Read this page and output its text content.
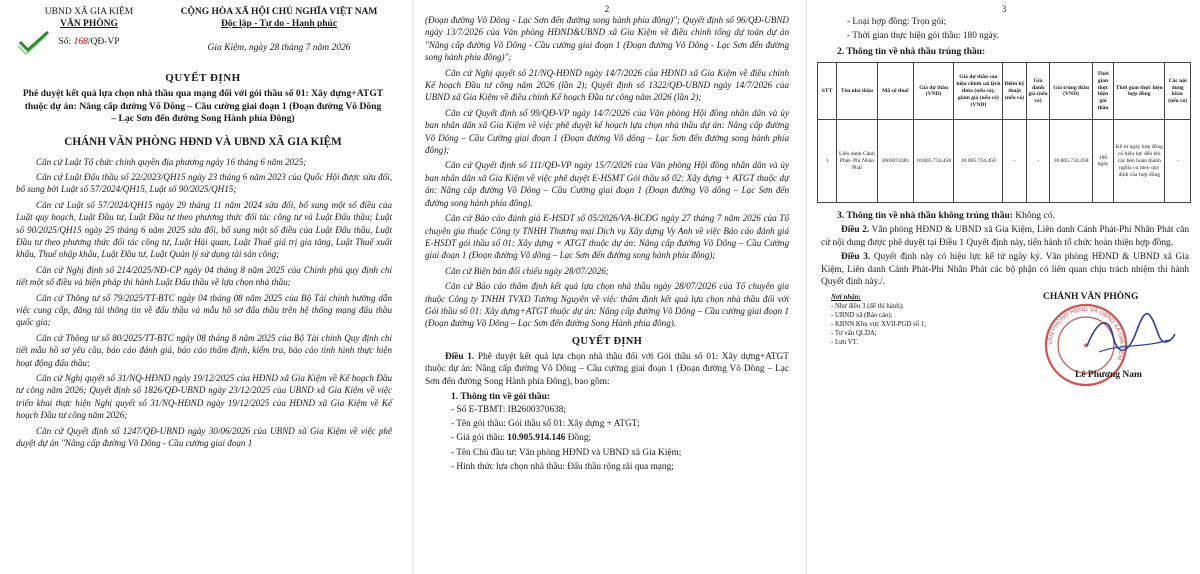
UBND XÃ GIA KIỆM
VĂN PHÒNG
Số: 168/QĐ-VP
CỘNG HÒA XÃ HỘI CHỦ NGHĨA VIỆT NAM
Độc lập - Tự do - Hạnh phúc
Gia Kiệm, ngày 28 tháng 7 năm 2026
QUYẾT ĐỊNH
Phê duyệt kết quả lựa chọn nhà thầu qua mạng đối với gói thầu số 01: Xây dựng+ATGT thuộc dự án: Nâng cấp đường Võ Dõng – Cầu cường giai đoạn 1 (Đoạn đường Võ Dõng – Lạc Sơn đến đường Song Hành phía Đông)
CHÁNH VĂN PHÒNG HĐND VÀ UBND XÃ GIA KIỆM

Căn cứ Luật Tổ chức chính quyền địa phương ngày 16 tháng 6 năm 2025;

Căn cứ Luật Đấu thầu số 22/2023/QH15 ngày 23 tháng 6 năm 2023 của Quốc Hội được sửa đổi, bổ sung bởi Luật số 57/2024/QH15, Luật số 90/2025/QH15;

Căn cứ Luật số 57/2024/QH15 ngày 29 tháng 11 năm 2024 sửa đổi, bổ sung một số điều của Luật quy hoạch, Luật Đầu tư, Luật Đầu tư theo phương thức đối tác công tư và Luật Đấu thầu; Luật số 90/2025/QH15 ngày 25 tháng 6 năm 2025 sửa đổi, bổ sung một số điều của Luật Đấu thầu, Luật Đầu tư theo phương thức đối tác công tư, Luật Hải quan, Luật Thuế giá trị gia tăng, Luật Thuế xuất khẩu, Thuế nhập khẩu, Luật Đầu tư, Luật Quản lý sử dụng tài sản công;

Căn cứ Nghị định số 214/2025/NĐ-CP ngày 04 tháng 8 năm 2025 của Chính phủ quy định chi tiết một số điều và biện pháp thi hành Luật Đấu thầu về lựa chọn nhà thầu;

Căn cứ Thông tư số 79/2025/TT-BTC ngày 04 tháng 08 năm 2025 của Bộ Tài chính hướng dẫn việc cung cấp, đăng tải thông tin về đấu thầu và mẫu hồ sơ đấu thầu trên hệ thống mạng đấu thầu quốc gia;

Căn cứ Thông tư số 80/2025/TT-BTC ngày 08 tháng 8 năm 2025 của Bộ Tài chính Quy định chi tiết mẫu hồ sơ yêu cầu, báo cáo đánh giá, báo cáo thẩm định, kiểm tra, báo cáo tình hình thực hiện hoạt động đấu thầu;

Căn cứ Nghị quyết số 31/NQ-HĐND ngày 19/12/2025 của HĐND xã Gia Kiệm về Kế hoạch Đầu tư công năm 2026; Quyết định số 1826/QĐ-UBND ngày 23/12/2025 của UBND xã Gia Kiệm về việc triển khai thực hiện Nghị quyết số 31/NQ-HĐND ngày 19/12/2025 của HĐND xã Gia Kiệm về Kế hoạch Đầu tư công năm 2026;

Căn cứ Quyết định số 1247/QĐ-UBND ngày 30/06/2026 của UBND xã Gia Kiệm về việc phê duyệt dự án "Nâng cấp đường Võ Dõng - Cầu cường giai đoạn 1

2

(Đoạn đường Võ Dõng - Lạc Sơn đến đường song hành phía đông)"; Quyết định số 96/QĐ-UBND ngày 13/7/2026 của Văn phòng HĐND&UBND xã Gia Kiệm về điều chỉnh tổng dự toán dự án "Nâng cấp đường Võ Dõng - Cầu cường giai đoạn 1 (Đoạn đường Võ Dõng - Lạc Sơn đến đường song hành phía đông)";

Căn cứ Nghị quyết số 21/NQ-HĐND ngày 14/7/2026 của HĐND xã Gia Kiệm về điều chỉnh Kế hoạch Đầu tư công năm 2026 (lần 2); Quyết định số 1322/QĐ-UBND ngày 14/7/2026 của UBND xã Gia Kiệm về điều chỉnh Kế hoạch Đầu tư công năm 2026 (lần 2);

Căn cứ Quyết định số 99/QĐ-VP ngày 14/7/2026 của Văn phòng Hội đồng nhân dân và ủy ban nhân dân xã Gia Kiệm về việc phê duyệt kế hoạch lựa chọn nhà thầu dự án: Nâng cấp đường Võ Dõng – Cầu Cường giai đoạn 1 (Đoạn đường Võ dõng – Lạc Sơn đến đường song hành phía đông);

Căn cứ Quyết định số 111/QĐ-VP ngày 15/7/2026 của Văn phòng Hội đồng nhân dân và ủy ban nhân dân xã Gia Kiệm về việc phê duyệt E-HSMT Gói thầu số 02: Xây dựng + ATGT thuộc dự án: Nâng cấp đường Võ Dõng – Cầu Cường giai đoạn 1 (Đoạn đường Võ dõng – Lạc Sơn đến đường song hành phía đông).

Căn cứ Báo cáo đánh giá E-HSDT số 05/2026/VA-BCĐG ngày 27 tháng 7 năm 2026 của Tổ chuyên gia thuộc Công ty TNHH Thương mại Dịch vụ Xây dựng Vy Anh về việc Báo cáo đánh giá E-HSDT gói thầu số 01: Xây dựng + ATGT thuộc dự án: Nâng cấp đường Võ Dõng – Cầu Cường giai đoạn 1 (Đoạn đường Võ dõng – Lạc Sơn đến đường song hành phía đông);

Căn cứ Biên bản đối chiếu ngày 28/07/2026;

Căn cứ Báo cáo thẩm định kết quả lựa chọn nhà thầu ngày 28/07/2026 của Tổ chuyên gia thuộc Công ty TNHH TVXD Tường Nguyên về việc thẩm định kết quả lựa chọn nhà thầu đối với Gói thầu số 01: Xây dựng+ATGT thuộc dự án: Nâng cấp đường Võ Dõng – Cầu cường giai đoạn 1 (Đoạn đường Võ Dõng – Lạc Sơn đến đường Song Hành phía đông).

QUYẾT ĐỊNH

Điều 1. Phê duyệt kết quả lựa chọn nhà thầu đối với Gói thầu số 01: Xây dựng+ATGT thuộc dự án: Nâng cấp đường Võ Dõng – Cầu cường giai đoạn 1 (Đoạn đường Võ Dõng – Lạc Sơn đến đường Song Hành phía Đông), bao gồm:

1. Thông tin về gói thầu:
- Số E-TBMT: IB2600370638;
- Tên gói thầu: Gói thầu số 01: Xây dựng + ATGT;
- Giá gói thầu: 10.905.914.146 Đồng;
- Tên Chủ đầu tư: Văn phòng HĐND và UBND xã Gia Kiệm;
- Hình thức lựa chọn nhà thầu: Đấu thầu rộng rãi qua mạng;
3
- Loại hợp đồng: Trọn gói;
- Thời gian thực hiện gói thầu: 180 ngày.
2. Thông tin về nhà thầu trúng thầu:
STT	Tên nhà thầu	Mã số thuế	Giá dự thầu (VND)	Giá dự thầu sau hiệu chỉnh sai lệch thừa (nếu có), giảm giá (nếu có) (VND)	Điểm kỹ thuật (nếu có)	Giá đánh giá (nếu có)	Giá trúng thầu (VND)	Thời gian thực hiện gói thầu	Thời gian thực hiện hợp đồng	Các nội dung khác (nếu có)
1	Liên danh Cảnh Phát- Phi Nhân Phát	3603074381	10.805.734.458	10.805.734.458	-	-	10.805.734.458	180 ngày	Kể từ ngày hợp đồng có hiệu lực đến khi các bên hoàn thành nghĩa vụ theo quy định của hợp đồng	-
3. Thông tin về nhà thầu không trúng thầu: Không có.

Điều 2. Văn phòng HĐND & UBND xã Gia Kiệm, Liên danh Cảnh Phát-Phi Nhân Phát căn cứ nội dung được phê duyệt tại Điều 1 Quyết định này, tiến hành tổ chức hoàn thiện hợp đồng.

Điều 3. Quyết định này có hiệu lực kể từ ngày ký. Văn phòng HĐND & UBND xã Gia Kiệm, Liên danh Cảnh Phát-Phi Nhân Phát các bộ phận có liên quan chịu trách nhiệm thi hành Quyết định này./.

Nơi nhận:
- Như điều 3 (để thi hành);
- UBND xã (Báo cáo);
- KBNN Khu vực XVII-PGD số 1;
- Tư vấn QLDA;
- Lưu VT.
CHÁNH VĂN PHÒNG
VĂN PHÒNG HĐND VÀ UBND XÃ GIA KIỆM
★
Lê Phương Nam
